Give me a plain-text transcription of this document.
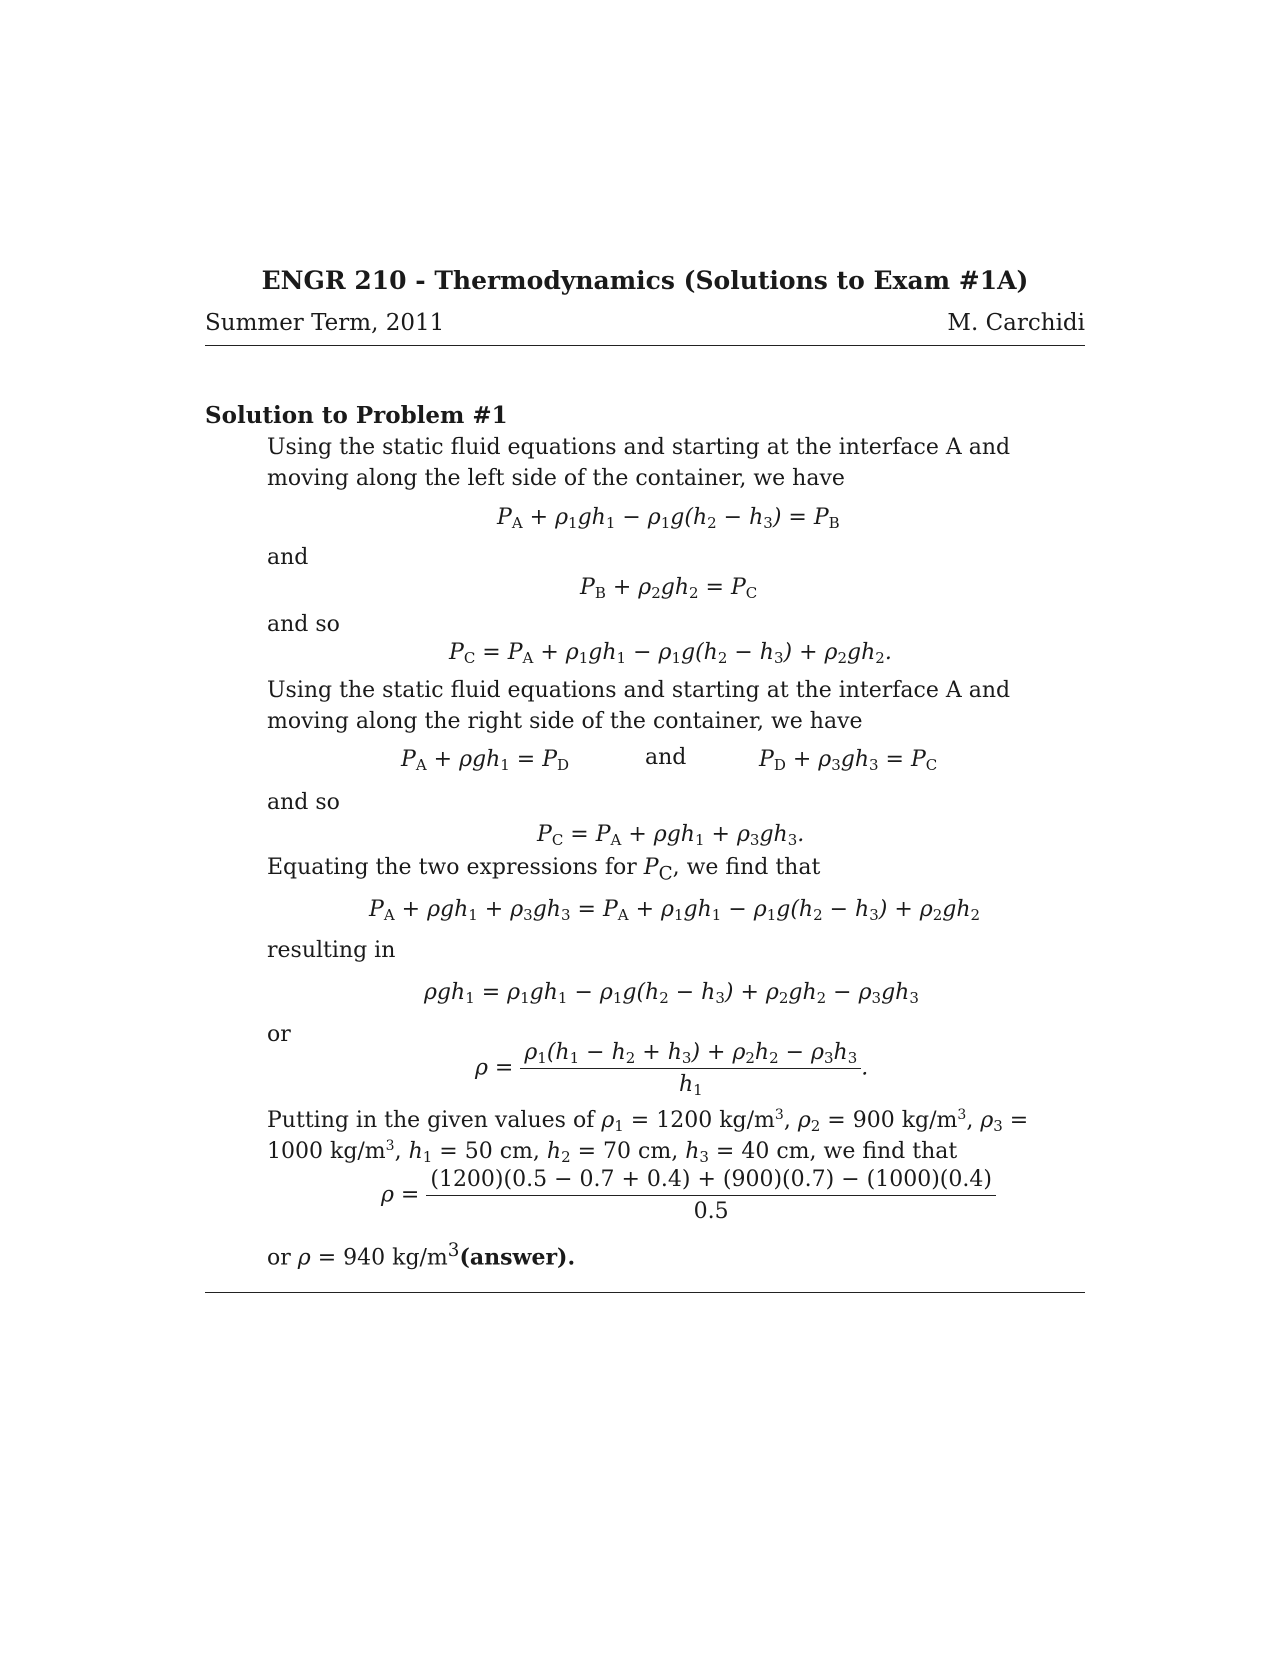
ENGR 210 - Thermodynamics (Solutions to Exam #1A)
Summer Term, 2011	M. Carchidi
Solution to Problem #1
Using the static fluid equations and starting at the interface A and moving along the left side of the container, we have
$P_A + \rho_1gh_1 - \rho_1g(h_2 - h_3) = P_B$
and
$P_B + \rho_2gh_2 = P_C$
and so
$P_C = P_A + \rho_1gh_1 - \rho_1g(h_2 - h_3) + \rho_2gh_2$.
Using the static fluid equations and starting at the interface A and moving along the right side of the container, we have
$P_A + \rho gh_1 = P_D$	and	$P_D + \rho_3gh_3 = P_C$
and so
$P_C = P_A + \rho gh_1 + \rho_3gh_3$.
Equating the two expressions for $P_C$, we find that
$P_A + \rho gh_1 + \rho_3gh_3 = P_A + \rho_1gh_1 - \rho_1g(h_2 - h_3) + \rho_2gh_2$
resulting in
$\rho gh_1 = \rho_1gh_1 - \rho_1g(h_2 - h_3) + \rho_2gh_2 - \rho_3gh_3$
or
$\rho = \frac{\rho_1(h_1 - h_2 + h_3) + \rho_2h_2 - \rho_3h_3}{h_1}$ .
Putting in the given values of $\rho_1 = 1200$ $kg/m^3$, $\rho_2 = 900$ $kg/m^3$, $\rho_3 = 1000$ $kg/m^3$, $h_1 = 50$ cm, $h_2 = 70$ cm, $h_3 = 40$ cm, we find that
$\rho = \frac{(1200)(0.5 - 0.7 + 0.4) + (900)(0.7) - (1000)(0.4)}{0.5}$
or ρ = 940 $kg/m^3(answer)$.
